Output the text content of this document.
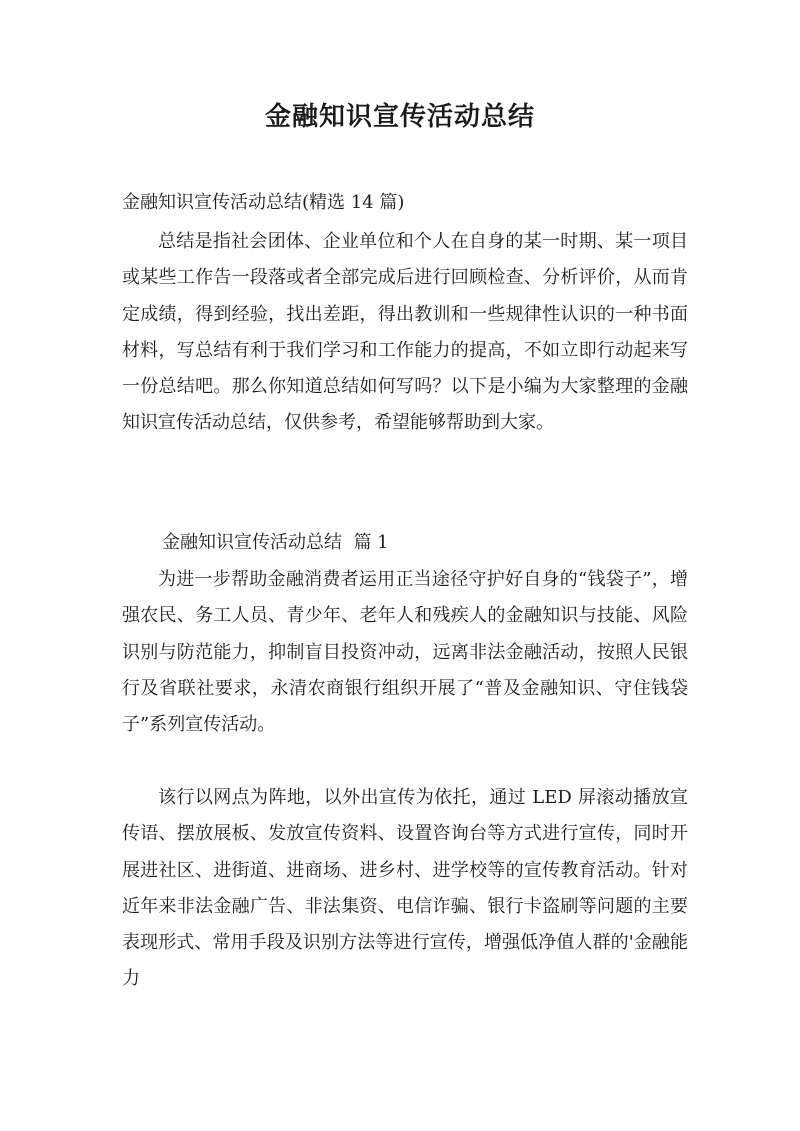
金融知识宣传活动总结

金融知识宣传活动总结(精选 14 篇)

总结是指社会团体、企业单位和个人在自身的某一时期、某一项目或某些工作告一段落或者全部完成后进行回顾检查、分析评价，从而肯定成绩，得到经验，找出差距，得出教训和一些规律性认识的一种书面材料，写总结有利于我们学习和工作能力的提高，不如立即行动起来写一份总结吧。那么你知道总结如何写吗？以下是小编为大家整理的金融知识宣传活动总结，仅供参考，希望能够帮助到大家。

金融知识宣传活动总结  篇 1

为进一步帮助金融消费者运用正当途径守护好自身的“钱袋子”，增强农民、务工人员、青少年、老年人和残疾人的金融知识与技能、风险识别与防范能力，抑制盲目投资冲动，远离非法金融活动，按照人民银行及省联社要求，永清农商银行组织开展了“普及金融知识、守住钱袋子”系列宣传活动。

该行以网点为阵地，以外出宣传为依托，通过 LED 屏滚动播放宣传语、摆放展板、发放宣传资料、设置咨询台等方式进行宣传，同时开展进社区、进街道、进商场、进乡村、进学校等的宣传教育活动。针对近年来非法金融广告、非法集资、电信诈骗、银行卡盗刷等问题的主要表现形式、常用手段及识别方法等进行宣传，增强低净值人群的'金融能力
